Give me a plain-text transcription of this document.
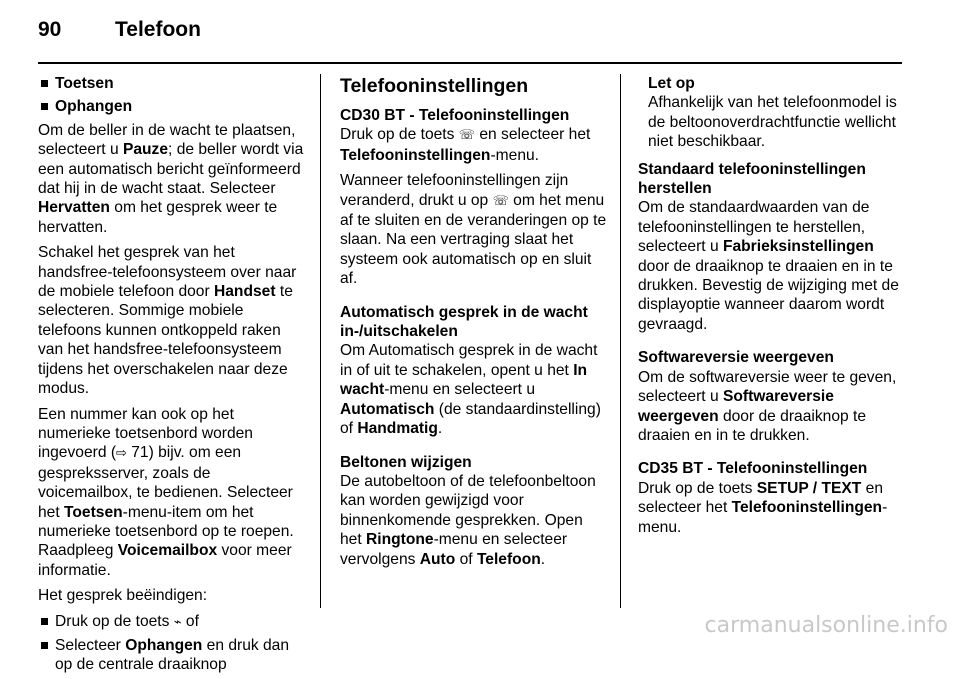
90	Telefoon
Toetsen
Ophangen

Om de beller in de wacht te plaatsen, selecteert u Pauze; de beller wordt via een automatisch bericht geïnformeerd dat hij in de wacht staat. Selecteer Hervatten om het gesprek weer te hervatten.

Schakel het gesprek van het handsfree-telefoonsysteem over naar de mobiele telefoon door Handset te selecteren. Sommige mobiele telefoons kunnen ontkoppeld raken van het handsfree-telefoonsysteem tijdens het overschakelen naar deze modus.

Een nummer kan ook op het numerieke toetsenbord worden ingevoerd (⇨ 71) bijv. om een gespreksserver, zoals de voicemailbox, te bedienen. Selecteer het Toetsen-menu-item om het numerieke toetsenbord op te roepen. Raadpleeg Voicemailbox voor meer informatie.

Het gesprek beëindigen:

Druk op de toets ⌁ of
Selecteer Ophangen en druk dan op de centrale draaiknop
Telefooninstellingen
CD30 BT - Telefooninstellingen

Druk op de toets ☏ en selecteer het Telefooninstellingen-menu.

Wanneer telefooninstellingen zijn veranderd, drukt u op ☏ om het menu af te sluiten en de veranderingen op te slaan. Na een vertraging slaat het systeem ook automatisch op en sluit af.

Automatisch gesprek in de wacht in-/uitschakelen

Om Automatisch gesprek in de wacht in of uit te schakelen, opent u het In wacht-menu en selecteert u Automatisch (de standaardinstelling) of Handmatig.

Beltonen wijzigen

De autobeltoon of de telefoonbeltoon kan worden gewijzigd voor binnenkomende gesprekken. Open het Ringtone-menu en selecteer vervolgens Auto of Telefoon.

Let op
Afhankelijk van het telefoonmodel is de beltoonoverdrachtfunctie wellicht niet beschikbaar.
Standaard telefooninstellingen herstellen

Om de standaardwaarden van de telefooninstellingen te herstellen, selecteert u Fabrieksinstellingen door de draaiknop te draaien en in te drukken. Bevestig de wijziging met de displayoptie wanneer daarom wordt gevraagd.

Softwareversie weergeven

Om de softwareversie weer te geven, selecteert u Softwareversie weergeven door de draaiknop te draaien en in te drukken.

CD35 BT - Telefooninstellingen

Druk op de toets SETUP / TEXT en selecteer het Telefooninstellingen-menu.

carmanualsonline.info
